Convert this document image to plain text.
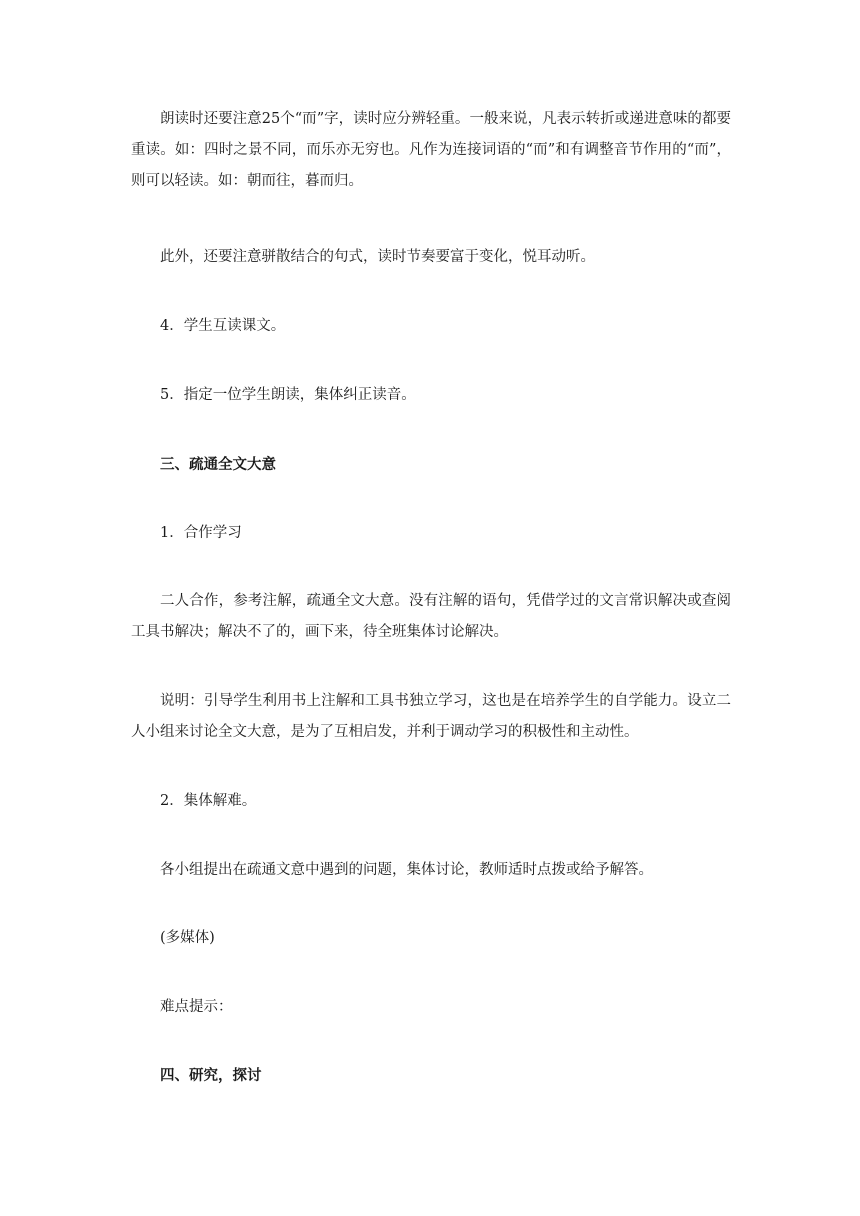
朗读时还要注意25个“而”字，读时应分辨轻重。一般来说，凡表示转折或递进意味的都要重读。如：四时之景不同，而乐亦无穷也。凡作为连接词语的“而”和有调整音节作用的“而”，则可以轻读。如：朝而往，暮而归。

此外，还要注意骈散结合的句式，读时节奏要富于变化，悦耳动听。

4．学生互读课文。

5．指定一位学生朗读，集体纠正读音。

三、疏通全文大意

1．合作学习

二人合作，参考注解，疏通全文大意。没有注解的语句，凭借学过的文言常识解决或查阅工具书解决；解决不了的，画下来，待全班集体讨论解决。

说明：引导学生利用书上注解和工具书独立学习，这也是在培养学生的自学能力。设立二人小组来讨论全文大意，是为了互相启发，并利于调动学习的积极性和主动性。

2．集体解难。

各小组提出在疏通文意中遇到的问题，集体讨论，教师适时点拨或给予解答。

(多媒体)

难点提示：

四、研究，探讨
